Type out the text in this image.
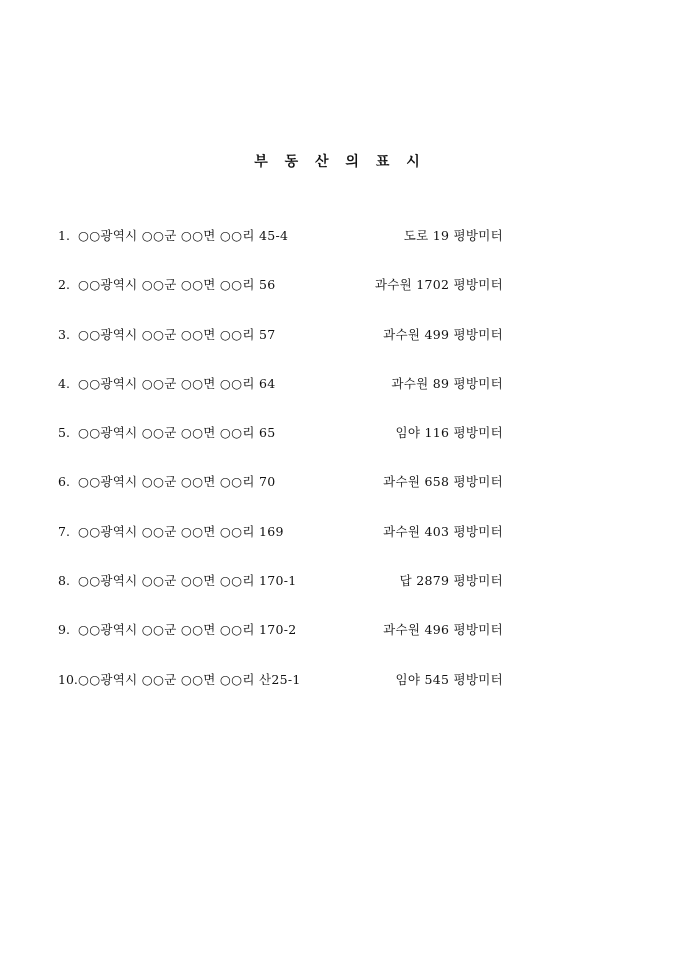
부 동 산 의 표 시
1. ○○광역시 ○○군 ○○면 ○○리 45-4	도로 19 평방미터
2. ○○광역시 ○○군 ○○면 ○○리 56	과수원 1702 평방미터
3. ○○광역시 ○○군 ○○면 ○○리 57	과수원 499 평방미터
4. ○○광역시 ○○군 ○○면 ○○리 64	과수원 89 평방미터
5. ○○광역시 ○○군 ○○면 ○○리 65	임야 116 평방미터
6. ○○광역시 ○○군 ○○면 ○○리 70	과수원 658 평방미터
7. ○○광역시 ○○군 ○○면 ○○리 169	과수원 403 평방미터
8. ○○광역시 ○○군 ○○면 ○○리 170-1	답 2879 평방미터
9. ○○광역시 ○○군 ○○면 ○○리 170-2	과수원 496 평방미터
10. ○○광역시 ○○군 ○○면 ○○리 산25-1	임야 545 평방미터
